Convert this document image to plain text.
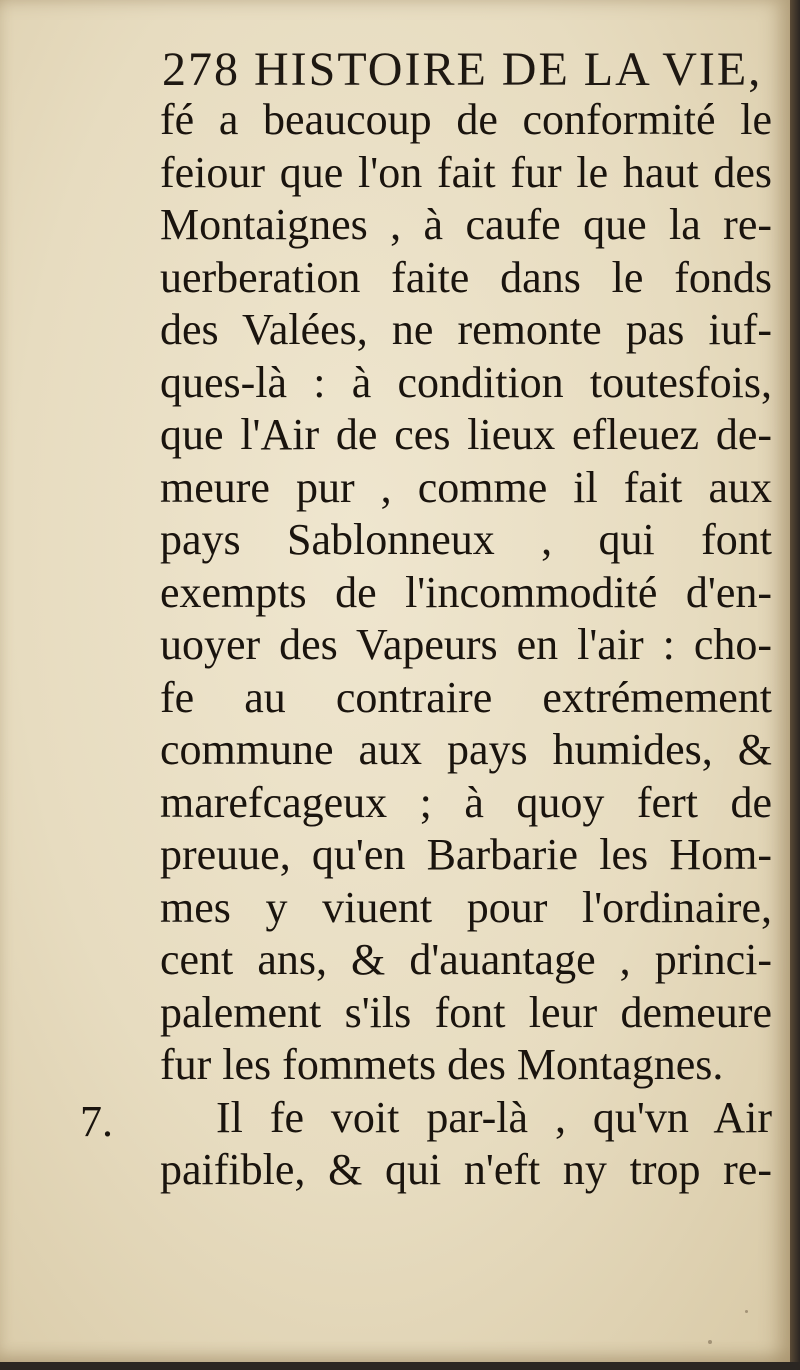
278 HISTOIRE DE LA VIE,
fé a beaucoup de conformité le
feiour que l'on fait fur le haut des
Montaignes , à caufe que la re-
uerberation faite dans le fonds
des Valées, ne remonte pas iuf-
ques-là : à condition toutesfois,
que l'Air de ces lieux efleuez de-
meure pur , comme il fait aux
pays Sablonneux , qui font
exempts de l'incommodité d'en-
uoyer des Vapeurs en l'air : cho-
fe au contraire extrémement
commune aux pays humides, &
marefcageux ; à quoy fert de
preuue, qu'en Barbarie les Hom-
mes y viuent pour l'ordinaire,
cent ans, & d'auantage , princi-
palement s'ils font leur demeure
fur les fommets des Montagnes.
Il fe voit par-là , qu'vn Air
paifible, & qui n'eft ny trop re-
7.
